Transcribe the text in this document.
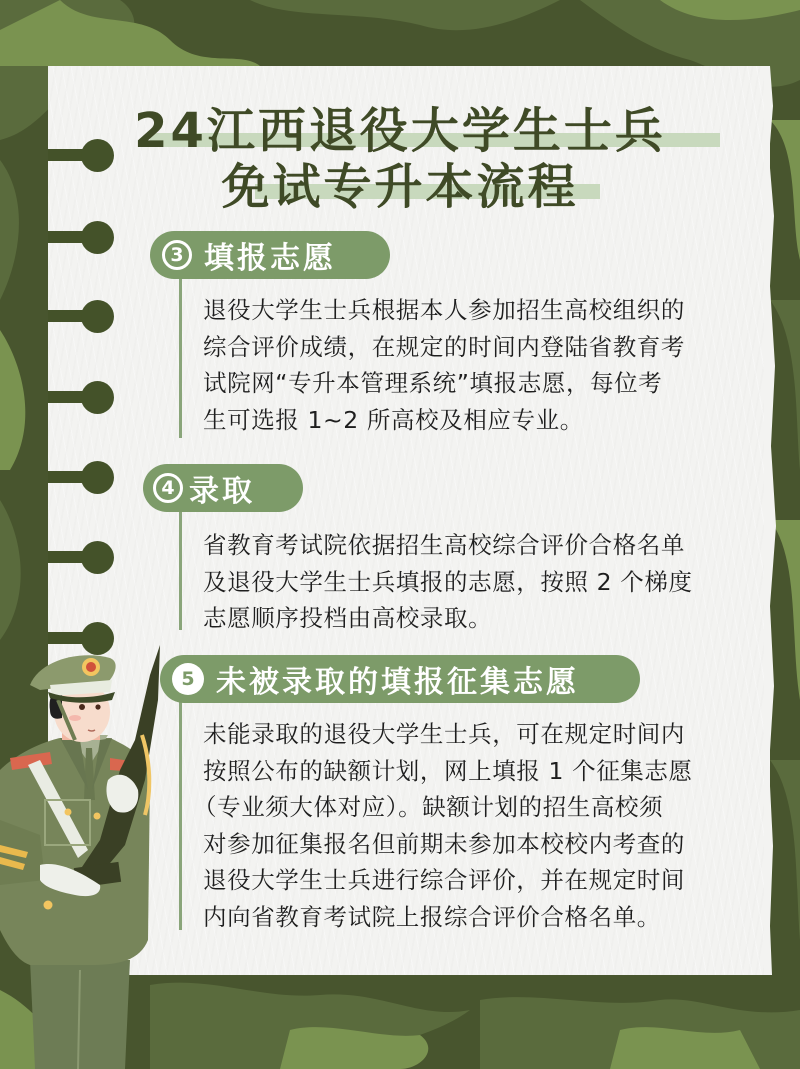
24江西退役大学生士兵
免试专升本流程
3 填报志愿
退役大学生士兵根据本人参加招生高校组织的
综合评价成绩，在规定的时间内登陆省教育考
试院网“专升本管理系统”填报志愿，每位考
生可选报 1~2 所高校及相应专业。
4 录取
省教育考试院依据招生高校综合评价合格名单
及退役大学生士兵填报的志愿，按照 2 个梯度
志愿顺序投档由高校录取。
5 未被录取的填报征集志愿
未能录取的退役大学生士兵，可在规定时间内
按照公布的缺额计划，网上填报 1 个征集志愿
（专业须大体对应）。缺额计划的招生高校须
对参加征集报名但前期未参加本校校内考查的
退役大学生士兵进行综合评价，并在规定时间
内向省教育考试院上报综合评价合格名单。
